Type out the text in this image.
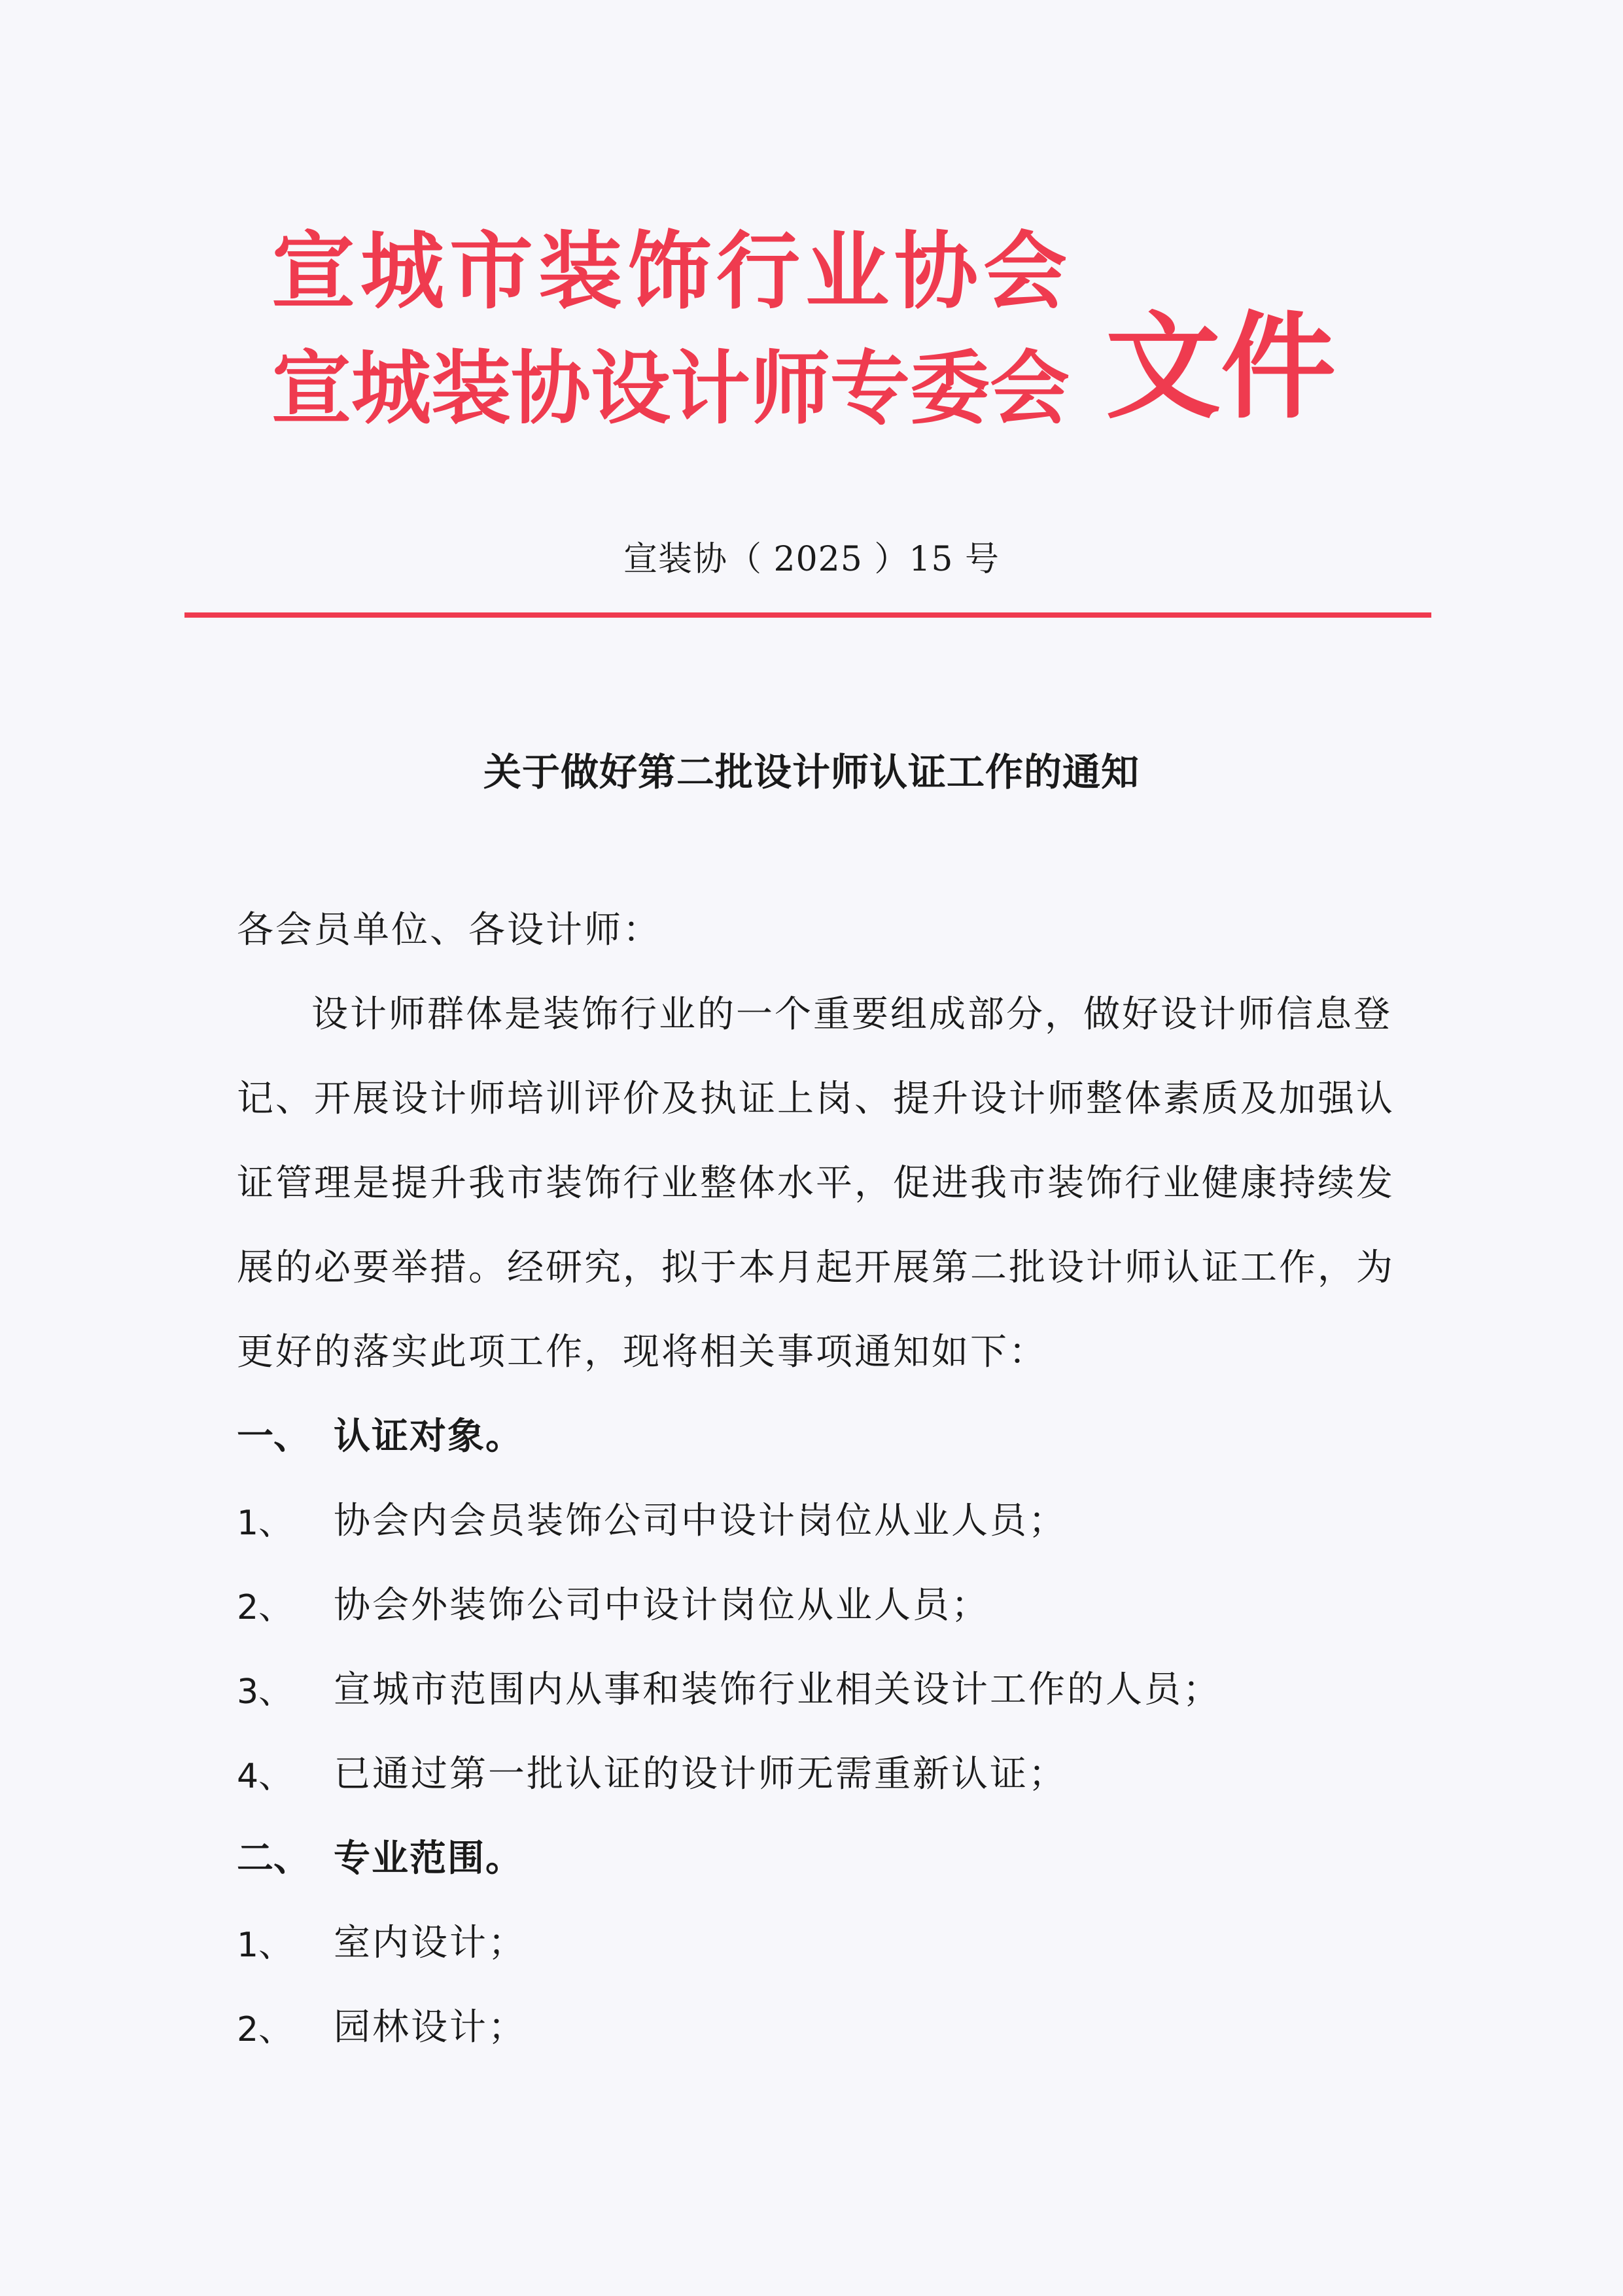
宣城市装饰行业协会
宣城装协设计师专委会 文件
宣装协（ 2025 ）15 号
关于做好第二批设计师认证工作的通知
各会员单位、各设计师：
设计师群体是装饰行业的一个重要组成部分，做好设计师信息登
记、开展设计师培训评价及执证上岗、提升设计师整体素质及加强认
证管理是提升我市装饰行业整体水平，促进我市装饰行业健康持续发
展的必要举措。经研究，拟于本月起开展第二批设计师认证工作，为
更好的落实此项工作，现将相关事项通知如下：
一、 认证对象。
1、 协会内会员装饰公司中设计岗位从业人员；
2、 协会外装饰公司中设计岗位从业人员；
3、 宣城市范围内从事和装饰行业相关设计工作的人员；
4、 已通过第一批认证的设计师无需重新认证；
二、 专业范围。
1、 室内设计；
2、 园林设计；
